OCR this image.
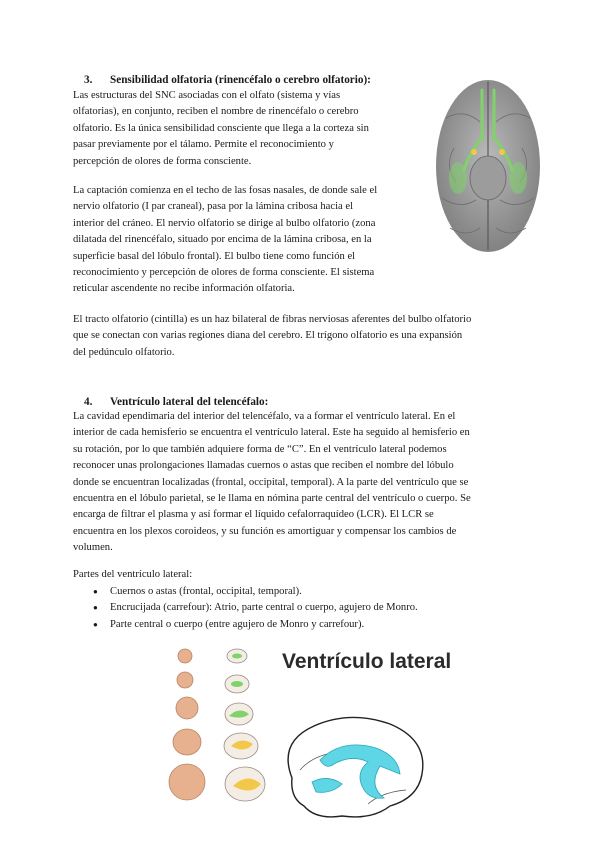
3. Sensibilidad olfatoria (rinencéfalo o cerebro olfatorio):
Las estructuras del SNC asociadas con el olfato (sistema y vías
olfatorias), en conjunto, reciben el nombre de rinencéfalo o cerebro
olfatorio. Es la única sensibilidad consciente que llega a la corteza sin
pasar previamente por el tálamo. Permite el reconocimiento y
percepción de olores de forma consciente.
La captación comienza en el techo de las fosas nasales, de donde sale el
nervio olfatorio (I par craneal), pasa por la lámina cribosa hacia el
interior del cráneo. El nervio olfatorio se dirige al bulbo olfatorio (zona
dilatada del rinencéfalo, situado por encima de la lámina cribosa, en la
superficie basal del lóbulo frontal). El bulbo tiene como función el
reconocimiento y percepción de olores de forma consciente. El sistema
reticular ascendente no recibe información olfatoria.
El tracto olfatorio (cintilla) es un haz bilateral de fibras nerviosas aferentes del bulbo olfatorio
que se conectan con varias regiones diana del cerebro. El trígono olfatorio es una expansión
del pedúnculo olfatorio.
4. Ventrículo lateral del telencéfalo:
La cavidad ependimaria del interior del telencéfalo, va a formar el ventrículo lateral. En el
interior de cada hemisferio se encuentra el ventrículo lateral. Este ha seguido al hemisferio en
su rotación, por lo que también adquiere forma de “C”. En el ventrículo lateral podemos
reconocer unas prolongaciones llamadas cuernos o astas que reciben el nombre del lóbulo
donde se encuentran localizadas (frontal, occipital, temporal). A la parte del ventrículo que se
encuentra en el lóbulo parietal, se le llama en nómina parte central del ventrículo o cuerpo. Se
encarga de filtrar el plasma y así formar el líquido cefalorraquídeo (LCR). El LCR se
encuentra en los plexos coroideos, y su función es amortiguar y compensar los cambios de
volumen.
Partes del ventrículo lateral:
● Cuernos o astas (frontal, occipital, temporal).
● Encrucijada (carrefour): Atrio, parte central o cuerpo, agujero de Monro.
● Parte central o cuerpo (entre agujero de Monro y carrefour).
Ventrículo lateral
